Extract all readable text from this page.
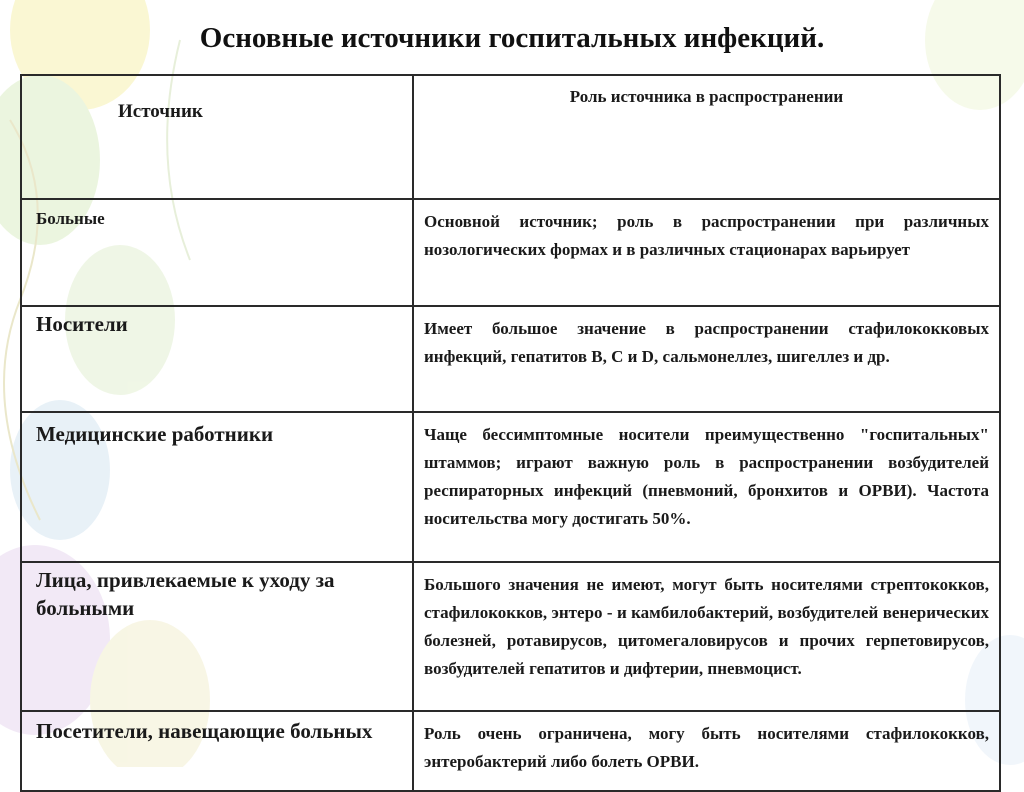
Основные источники госпитальных инфекций.
Источник	Роль источника в распространении
Больные	Основной источник; роль в распространении при различных нозологических формах и в различных стационарах варьирует
Носители	Имеет большое значение в распространении стафилококковых инфекций, гепатитов В, С и D, сальмонеллез, шигеллез и др.
Медицинские работники	Чаще бессимптомные носители преимущественно "госпитальных" штаммов; играют важную роль в распространении возбудителей респираторных инфекций (пневмоний, бронхитов и ОРВИ). Частота носительства могу достигать 50%.
Лица, привлекаемые к уходу за больными	Большого значения не имеют, могут быть носителями стрептококков, стафилококков, энтеро - и камбилобактерий, возбудителей венерических болезней, ротавирусов, цитомегаловирусов и прочих герпетовирусов, возбудителей гепатитов и дифтерии, пневмоцист.
Посетители, навещающие больных	Роль очень ограничена, могу быть носителями стафилококков, энтеробактерий либо болеть ОРВИ.
